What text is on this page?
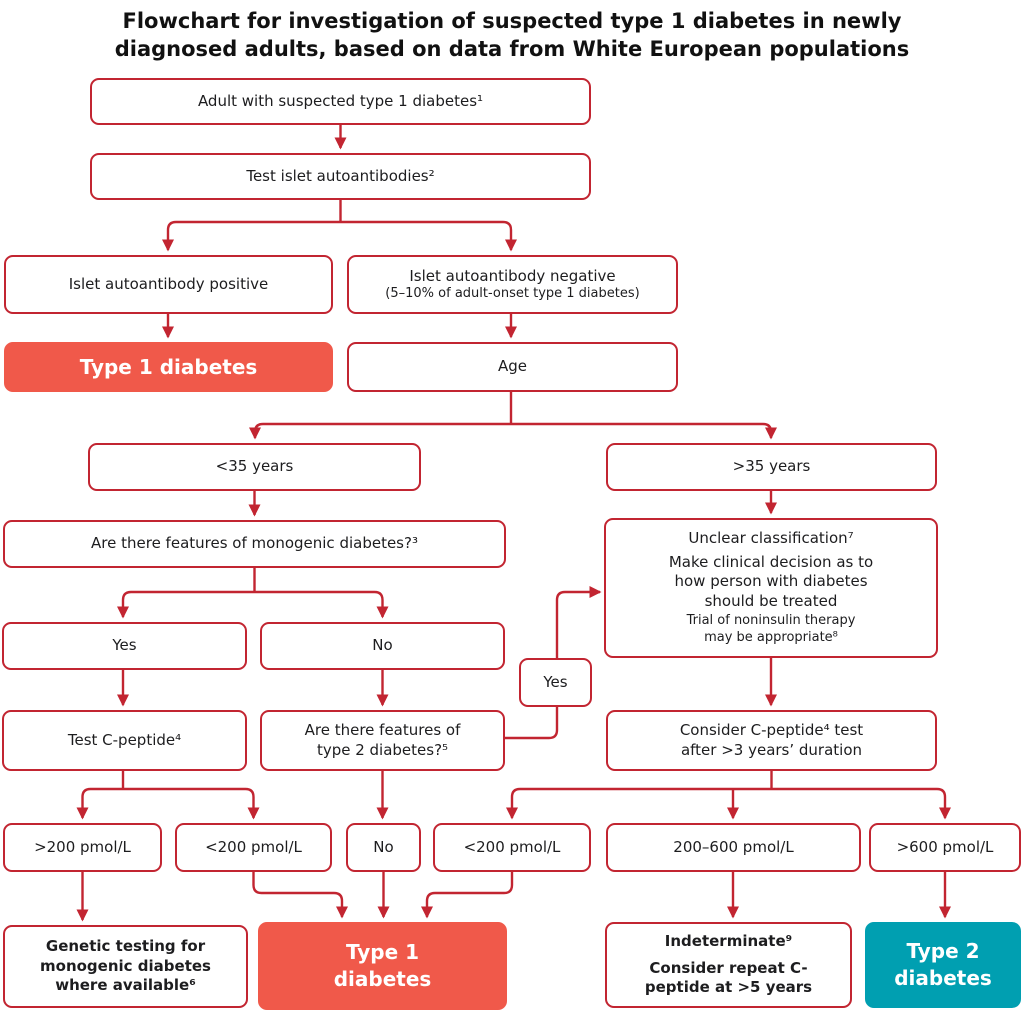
Flowchart for investigation of suspected type 1 diabetes in newly diagnosed adults, based on data from White European populations
Adult with suspected type 1 diabetes¹
Test islet autoantibodies²
Islet autoantibody positive	Islet autoantibody negative
(5–10% of adult-onset type 1 diabetes)
Type 1 diabetes	Age
<35 years	>35 years
Are there features of monogenic diabetes?³	Unclear classification⁷
Make clinical decision as to how person with diabetes should be treated
Trial of noninsulin therapy may be appropriate⁸
Yes	No
Yes
Test C-peptide⁴
Are there features of type 2 diabetes?⁵
Consider C-peptide⁴ test
after >3 years’ duration
>200 pmol/L	<200 pmol/L	No	<200 pmol/L	200–600 pmol/L	>600 pmol/L
Genetic testing for monogenic diabetes where available⁶
Type 1
diabetes
Indeterminate⁹
Consider repeat C-peptide at >5 years
Type 2
diabetes
